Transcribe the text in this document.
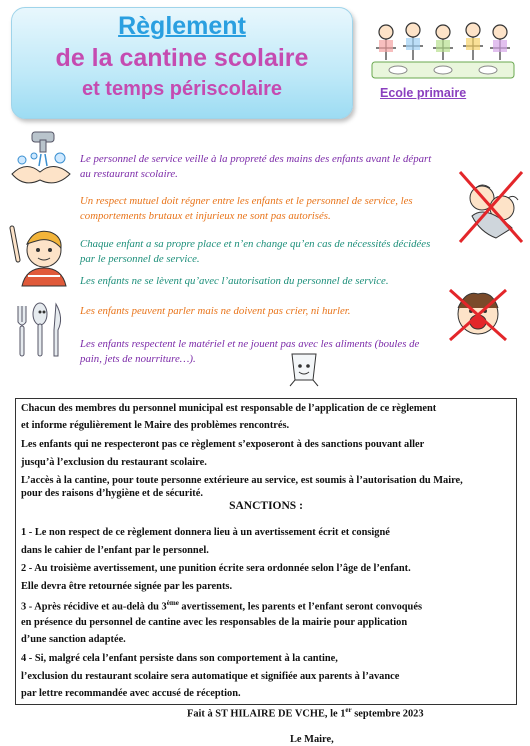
Règlement
de la cantine scolaire
et temps périscolaire	Ecole primaire
Le personnel de service veille à la propreté des mains des enfants avant le départ au restaurant scolaire.
Un respect mutuel doit régner entre les enfants et le personnel de service, les comportements brutaux et injurieux ne sont pas autorisés.
Chaque enfant a sa propre place et n’en change qu’en cas de nécessités décidées par le personnel de service.
Les enfants ne se lèvent qu’avec l’autorisation du personnel de service.
Les enfants peuvent parler mais ne doivent pas crier, ni hurler.
Les enfants respectent le matériel et ne jouent pas avec les aliments (boules de pain, jets de nourriture…).
Chacun des membres du personnel municipal est responsable de l’application de ce règlement
et informe régulièrement le Maire des problèmes rencontrés.
Les enfants qui ne respecteront pas ce règlement s’exposeront à des sanctions pouvant aller
jusqu’à l’exclusion du restaurant scolaire.
L’accès à la cantine, pour toute personne extérieure au service, est soumis à l’autorisation du Maire,
pour des raisons d’hygiène et de sécurité.
SANCTIONS :
1 - Le non respect de ce règlement donnera lieu à un avertissement écrit et consigné
dans le cahier de l’enfant par le personnel.
2 - Au troisième avertissement, une punition écrite sera ordonnée selon l’âge de l’enfant.
Elle devra être retournée signée par les parents.
3 - Après récidive et au-delà du 3ème avertissement, les parents et l’enfant seront convoqués
en présence du personnel de cantine avec les responsables de la mairie pour application
d’une sanction adaptée.
4 - Si, malgré cela l’enfant persiste dans son comportement à la cantine,
l’exclusion du restaurant scolaire sera automatique et signifiée aux parents à l’avance
par lettre recommandée avec accusé de réception.
Fait à ST HILAIRE DE VCHE, le 1er septembre 2023
Le Maire,
